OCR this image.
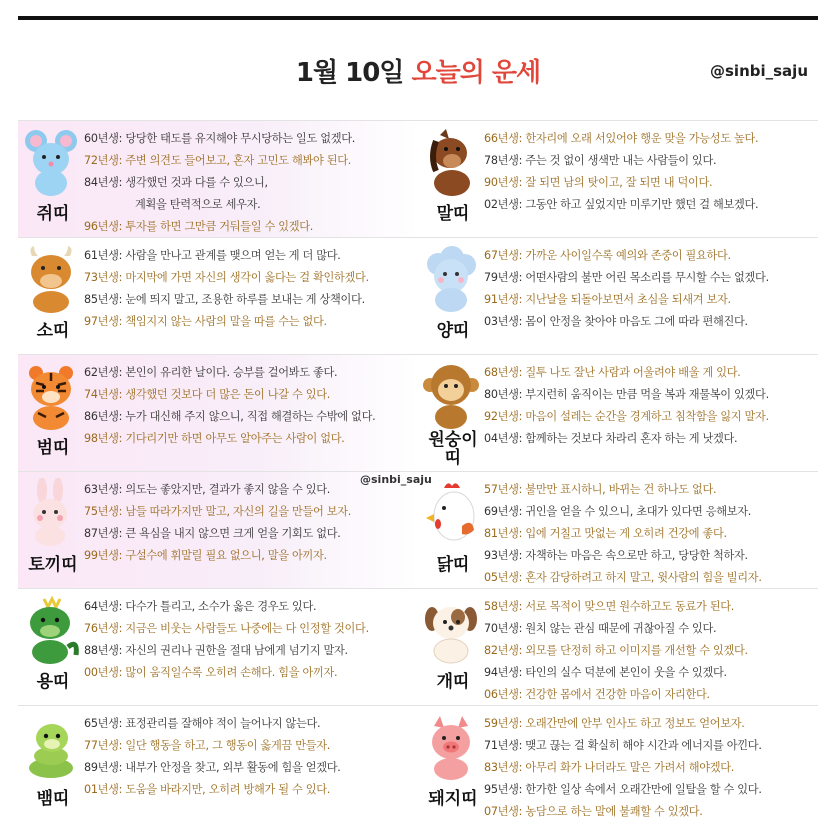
1월 10일 오늘의 운세	@sinbi_saju
쥐띠
60년생: 당당한 태도를 유지해야 무시당하는 일도 없겠다.
72년생: 주변 의견도 들어보고, 혼자 고민도 해봐야 된다.
84년생: 생각했던 것과 다를 수 있으니,
계획을 탄력적으로 세우자.
96년생: 투자를 하면 그만큼 거둬들일 수 있겠다.
말띠
66년생: 한자리에 오래 서있어야 행운 맞을 가능성도 높다.
78년생: 주는 것 없이 생색만 내는 사람들이 있다.
90년생: 잘 되면 남의 탓이고, 잘 되면 내 덕이다.
02년생: 그동안 하고 싶었지만 미루기만 했던 걸 해보겠다.
소띠
61년생: 사람을 만나고 관계를 맺으며 얻는 게 더 많다.
73년생: 마지막에 가면 자신의 생각이 옳다는 걸 확인하겠다.
85년생: 눈에 띄지 말고, 조용한 하루를 보내는 게 상책이다.
97년생: 책임지지 않는 사람의 말을 따를 수는 없다.	양띠
67년생: 가까운 사이일수록 예의와 존중이 필요하다.
79년생: 어떤사람의 불만 어린 목소리를 무시할 수는 없겠다.
91년생: 지난날을 되돌아보면서 초심을 되새겨 보자.
03년생: 몸이 안정을 찾아야 마음도 그에 따라 편해진다.
범띠
62년생: 본인이 유리한 날이다. 승부를 걸어봐도 좋다.
74년생: 생각했던 것보다 더 많은 돈이 나갈 수 있다.
86년생: 누가 대신해 주지 않으니, 직접 해결하는 수밖에 없다.
98년생: 기다리기만 하면 아무도 알아주는 사람이 없다.	원숭이
띠
68년생: 질투 나도 잘난 사람과 어울려야 배울 게 있다.
80년생: 부지런히 움직이는 만큼 먹을 복과 재물복이 있겠다.
92년생: 마음이 설레는 순간을 경계하고 침착함을 잃지 말자.
04년생: 함께하는 것보다 차라리 혼자 하는 게 낫겠다.
토끼띠
63년생: 의도는 좋았지만, 결과가 좋지 않을 수 있다.
75년생: 남들 따라가지만 말고, 자신의 길을 만들어 보자.
87년생: 큰 욕심을 내지 않으면 크게 얻을 기회도 없다.
99년생: 구설수에 휘말릴 필요 없으니, 말을 아끼자.	닭띠
57년생: 불만만 표시하니, 바뀌는 건 하나도 없다.
69년생: 귀인을 얻을 수 있으니, 초대가 있다면 응해보자.
81년생: 입에 거칠고 맛없는 게 오히려 건강에 좋다.
93년생: 자책하는 마음은 속으로만 하고, 당당한 척하자.
05년생: 혼자 감당하려고 하지 말고, 윗사람의 힘을 빌리자.
용띠
64년생: 다수가 틀리고, 소수가 옳은 경우도 있다.
76년생: 지금은 비웃는 사람들도 나중에는 다 인정할 것이다.
88년생: 자신의 권리나 권한을 절대 남에게 넘기지 말자.
00년생: 많이 움직일수록 오히려 손해다. 힘을 아끼자.	개띠
58년생: 서로 목적이 맞으면 원수하고도 동료가 된다.
70년생: 원치 않는 관심 때문에 귀찮아질 수 있다.
82년생: 외모를 단정히 하고 이미지를 개선할 수 있겠다.
94년생: 타인의 실수 덕분에 본인이 웃을 수 있겠다.
06년생: 건강한 몸에서 건강한 마음이 자리한다.
뱀띠
65년생: 표정관리를 잘해야 적이 늘어나지 않는다.
77년생: 일단 행동을 하고, 그 행동이 옳게끔 만들자.
89년생: 내부가 안정을 찾고, 외부 활동에 힘을 얻겠다.
01년생: 도움을 바라지만, 오히려 방해가 될 수 있다.	돼지띠
59년생: 오래간만에 안부 인사도 하고 정보도 얻어보자.
71년생: 맺고 끊는 걸 확실히 해야 시간과 에너지를 아낀다.
83년생: 아무리 화가 나더라도 말은 가려서 해야겠다.
95년생: 한가한 일상 속에서 오래간만에 일탈을 할 수 있다.
07년생: 농담으로 하는 말에 불쾌할 수 있겠다.
@sinbi_saju
